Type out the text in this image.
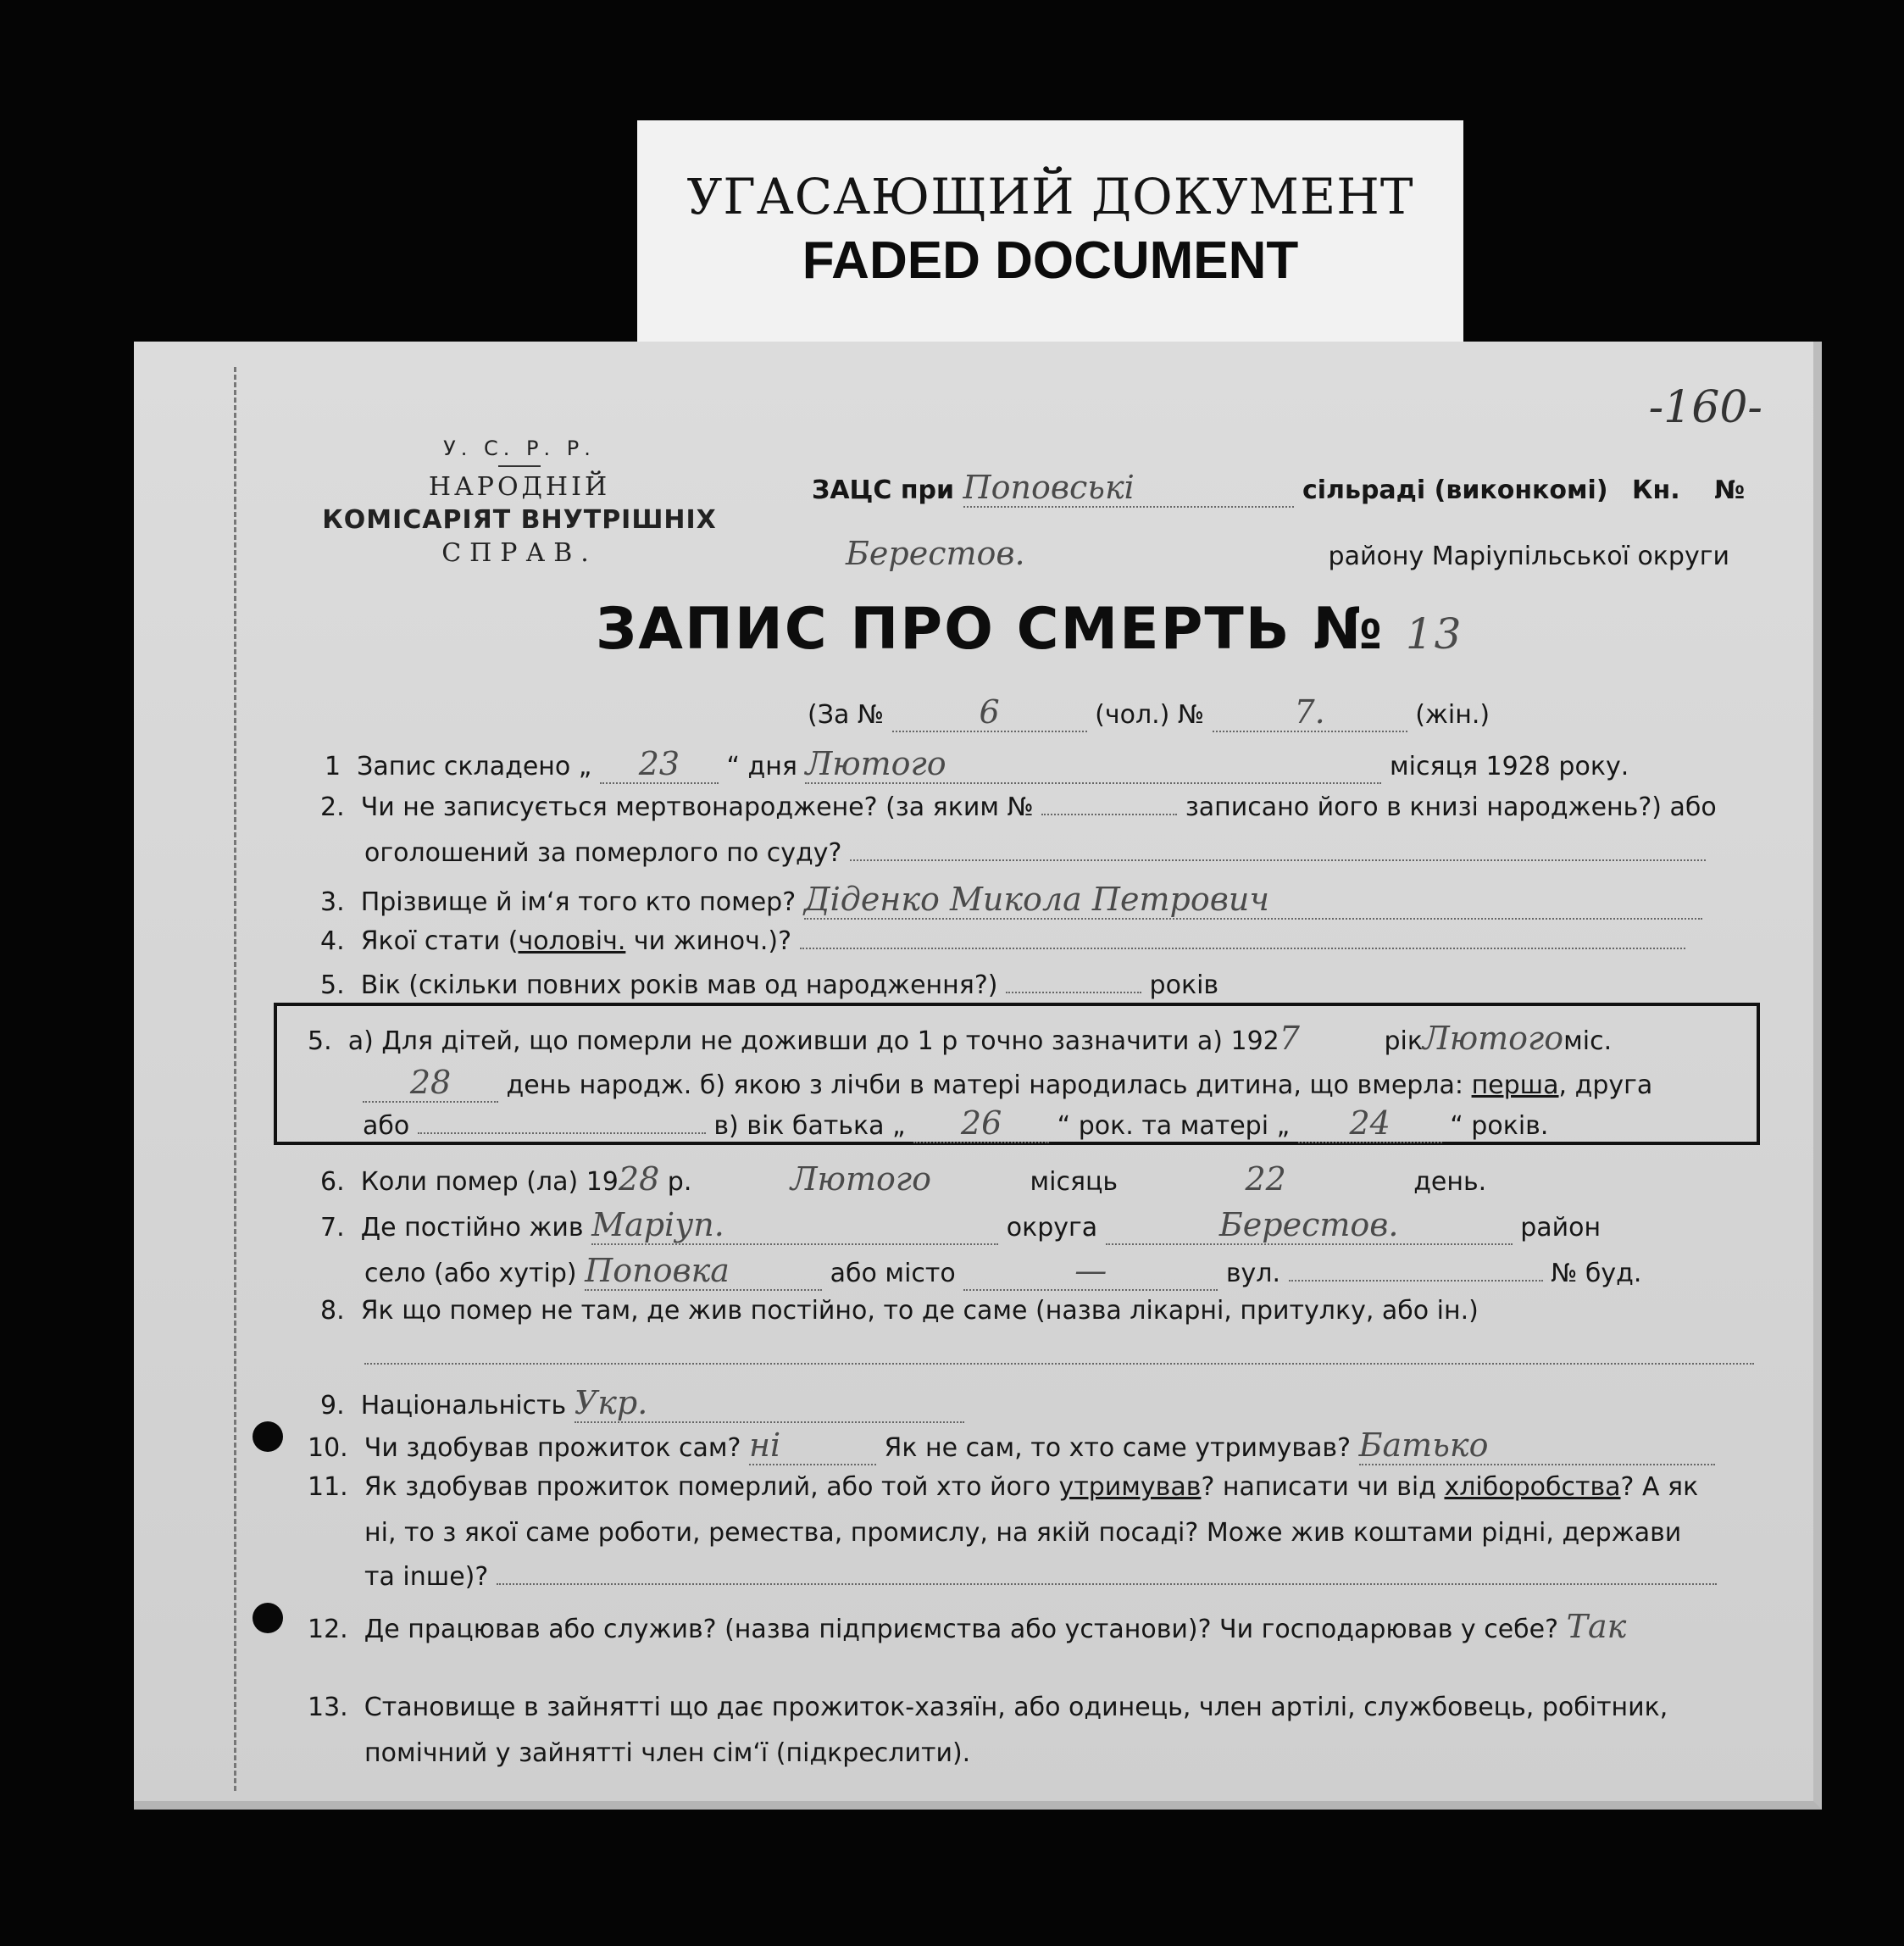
УГАСАЮЩИЙ ДОКУМЕНТ
FADED DOCUMENT
-160-
У. С. Р. Р.
НАРОДНІЙ
КОМІСАРІЯТ ВНУТРІШНІХ
СПРАВ.
ЗАЦС при Поповські	сільраді (виконкомі) Кн. №
Берестов.	району Маріупільської округи
ЗАПИС ПРО СМЕРТЬ № 13
(За №	6	(чол.) №	7.	(жін.)
1 Запис складено „ 23 “ дня Лютого	місяця 1928 року.
2. Чи не записується мертвонароджене? (за яким №	записано його в книзі народжень?) або
оголошений за померлого по суду?
3. Прізвище й ім‘я того кто помер? Діденко Микола Петрович
4. Якої стати (чоловіч. чи жиноч.)?
5. Вік (скільки повних років мав од народження?)	років
5. а) Для дітей, що померли не доживши до 1 р точно зазначити а) 1927	рікЛютогоміс.
28 день народж. б) якою з лічби в матері народилась дитина, що вмерла: перша, друга
або	в) вік батька „ 26 “ рок. та матері „ 24 “ років.
6. Коли помер (ла) 1928 р.	Лютого	місяць	22	день.
7. Де постійно жив Маріуп.	округа	Берестов.	район
село (або хутір) Поповка	або місто	—	вул.	№ буд.
8. Як що помер не там, де жив постійно, то де саме (назва лікарні, притулку, або ін.)
9. Національність Укр.
10. Чи здобував прожиток сам? ні	Як не сам, то хто саме утримував? Батько
11. Як здобував прожиток померлий, або той хто його утримував? написати чи від хліборобства? А як
ні, то з якої саме роботи, ремества, промислу, на якій посаді? Може жив коштами рідні, держави
та іnше)?
12. Де працював або служив? (назва підприємства або установи)? Чи господарював у себе? Так
13. Становище в зайнятті що дає прожиток-хазяїн, або одинець, член артілі, службовець, робітник,
помічний у зайнятті член сім‘ї (підкреслити).
